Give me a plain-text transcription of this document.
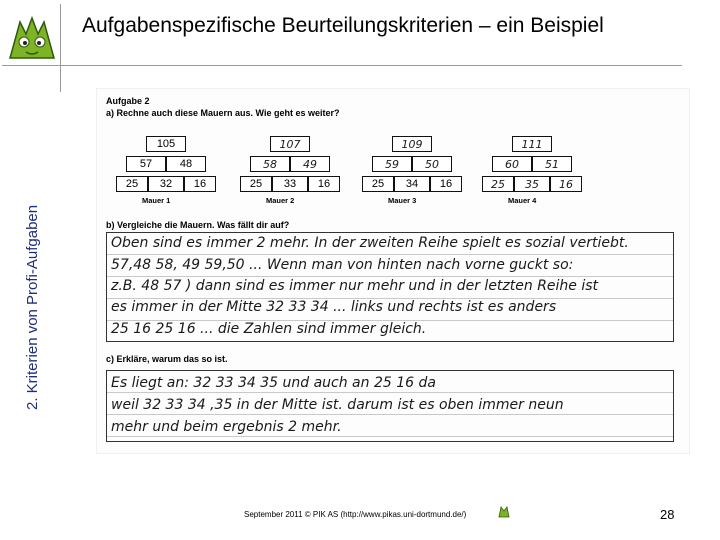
Aufgabenspezifische Beurteilungskriterien – ein Beispiel
2. Kriterien von Profi-Aufgaben
Aufgabe 2
a) Rechne auch diese Mauern aus. Wie geht es weiter?
105
57	48
25	32	16
Mauer 1
107
58	49
25	33	16
Mauer 2
109
59	50
25	34	16
Mauer 3
111
60	51
25	35	16
Mauer 4
b) Vergleiche die Mauern. Was fällt dir auf?
Oben sind es immer 2 mehr. In der zweiten Reihe spielt es sozial vertiebt.
57,48 58, 49 59,50 ... Wenn man von hinten nach vorne guckt so:
z.B. 48 57 ) dann sind es immer nur mehr und in der letzten Reihe ist
es immer in der Mitte 32 33 34 ... links und rechts ist es anders
25 16 25 16 ... die Zahlen sind immer gleich.
c) Erkläre, warum das so ist.
Es liegt an: 32 33 34 35 und auch an 25 16 da
weil 32 33 34 ,35 in der Mitte ist. darum ist es oben immer neun
mehr und beim ergebnis 2 mehr.
September 2011 © PIK AS (http://www.pikas.uni-dortmund.de/)	28
